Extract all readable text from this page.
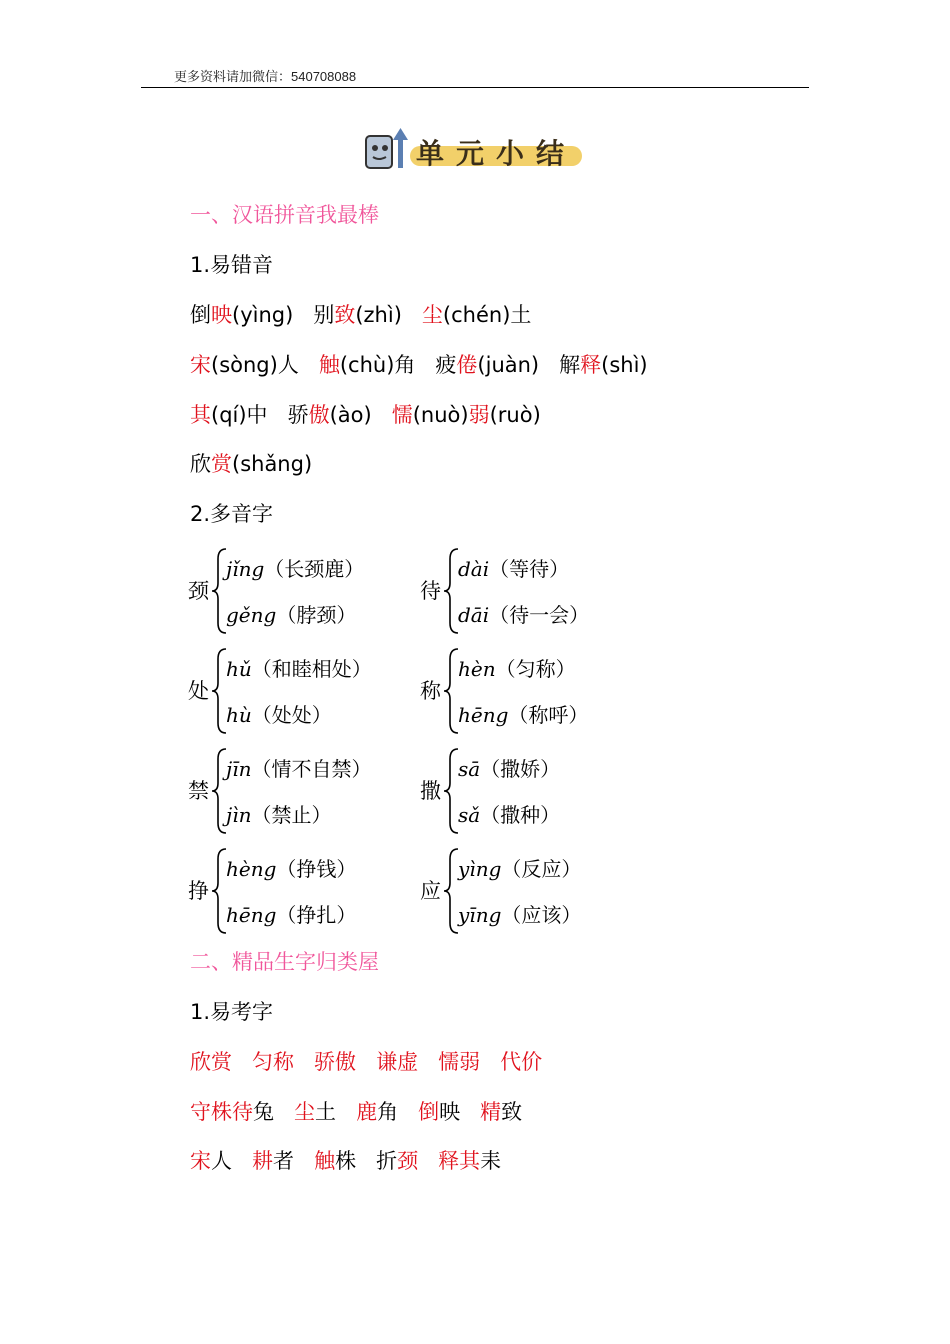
更多资料请加微信：540708088
单元小结
一、汉语拼音我最棒
1.易错音
倒映(yìng)   别致(zhì)   尘(chén)土
宋(sòng)人   触(chù)角   疲倦(juàn)   解释(shì)
其(qí)中   骄傲(ào)   懦(nuò)弱(ruò)
欣赏(shǎng)
2.多音字
颈
jǐng（长颈鹿）
gěng（脖颈）
待
dài（等待）
dāi（待一会）
处
hǔ（和睦相处）
hù（处处）
称
hèn（匀称）
hēng（称呼）
禁
jīn（情不自禁）
jìn（禁止）
撒
sā（撒娇）
sǎ（撒种）
挣
hèng（挣钱）
hēng（挣扎）
应
yìng（反应）
yīng（应该）
二、精品生字归类屋
1.易考字
欣赏   匀称   骄傲   谦虚   懦弱   代价
守株待兔   尘土   鹿角   倒映   精致
宋人   耕者   触株   折颈 释其耒
